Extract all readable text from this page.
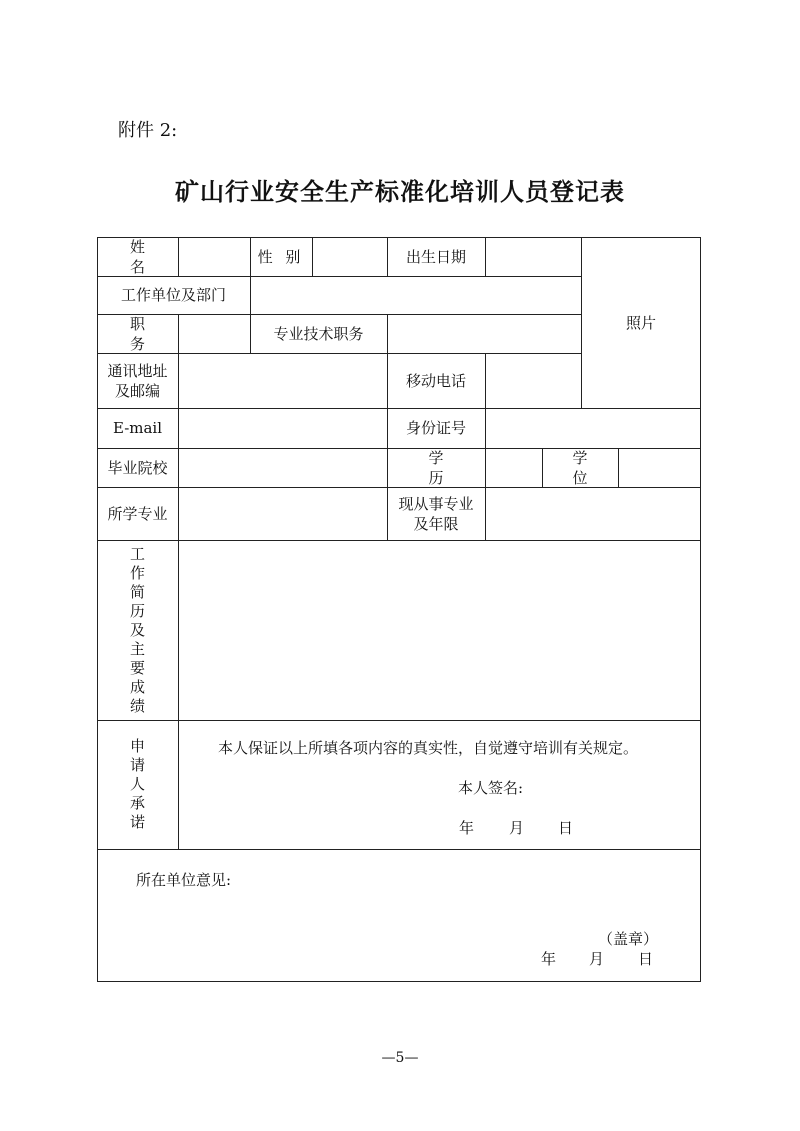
附件 2:
矿山行业安全生产标准化培训人员登记表
姓 名
性 别	出生日期
照片
工作单位及部门
职 务
专业技术职务
通讯地址
及邮编
移动电话
E-mail	身份证号
毕业院校
学 历
学 位
所学专业
现从事专业
及年限
工
作
简
历
及
主
要
成
绩
申
请
人
承
诺
本人保证以上所填各项内容的真实性，自觉遵守培训有关规定。
本人签名:
年 月 日
所在单位意见:
（盖章）
年 月 日
—5—
